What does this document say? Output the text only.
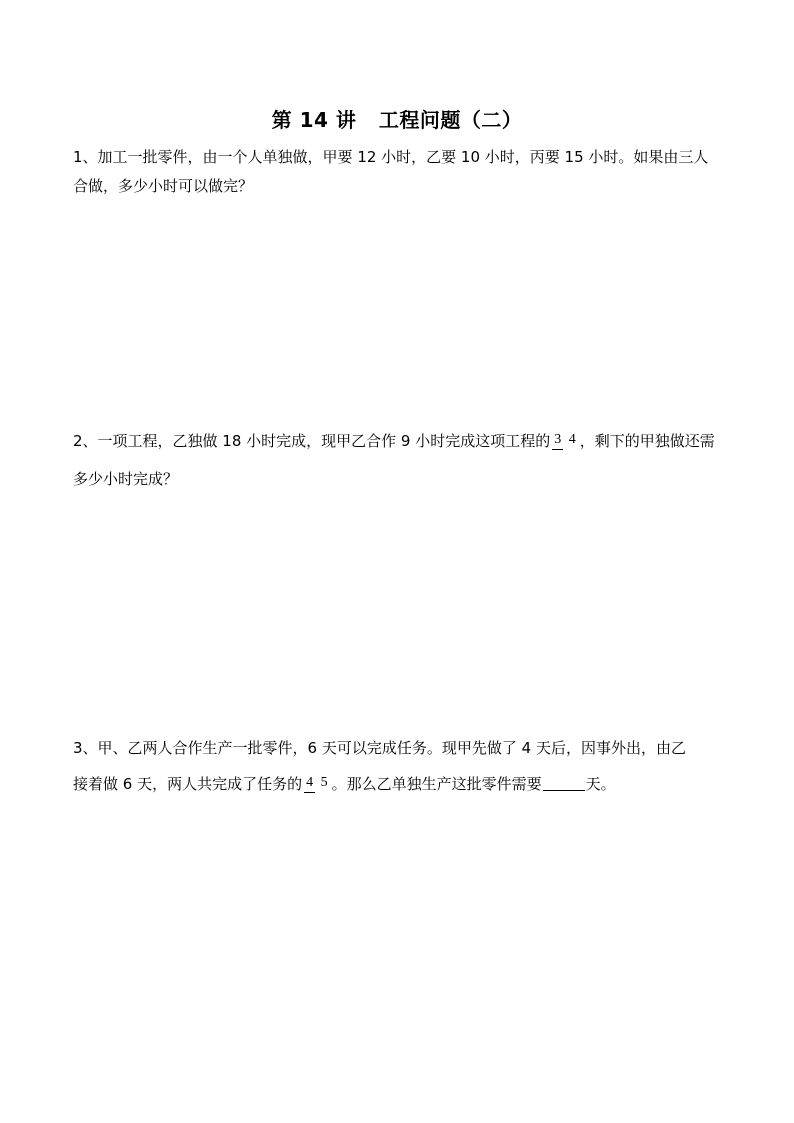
第 14 讲   工程问题（二）
1、加工一批零件，由一个人单独做，甲要 12 小时，乙要 10 小时，丙要 15 小时。如果由三人
合做，多少小时可以做完？
2、一项工程，乙独做 18 小时完成，现甲乙合作 9 小时完成这项工程的 3 4 ，剩下的甲独做还需
多少小时完成？
3、甲、乙两人合作生产一批零件，6 天可以完成任务。现甲先做了 4 天后，因事外出，由乙
接着做 6 天，两人共完成了任务的 4 5 。那么乙单独生产这批零件需要	天。
